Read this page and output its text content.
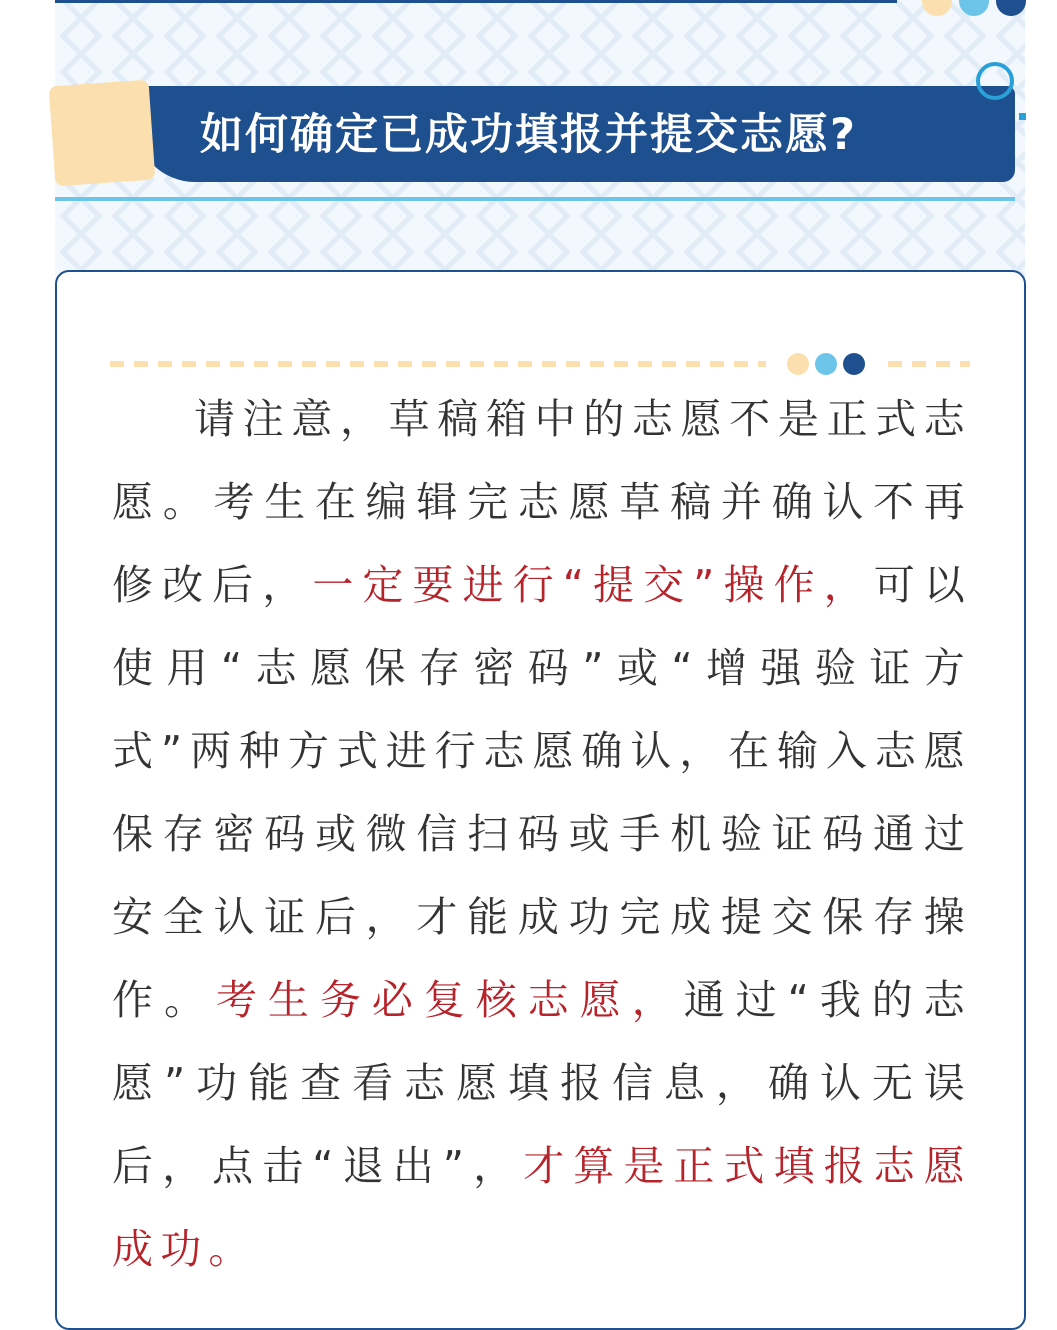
如何确定已成功填报并提交志愿?

请注意，草稿箱中的志愿不是正式志愿。考生在编辑完志愿草稿并确认不再修改后，一定要进行“提交”操作，可以使用“志愿保存密码”或“增强验证方式”两种方式进行志愿确认，在输入志愿保存密码或微信扫码或手机验证码通过安全认证后，才能成功完成提交保存操作。考生务必复核志愿，通过“我的志愿”功能查看志愿填报信息，确认无误后，点击“退出”，才算是正式填报志愿成功。
